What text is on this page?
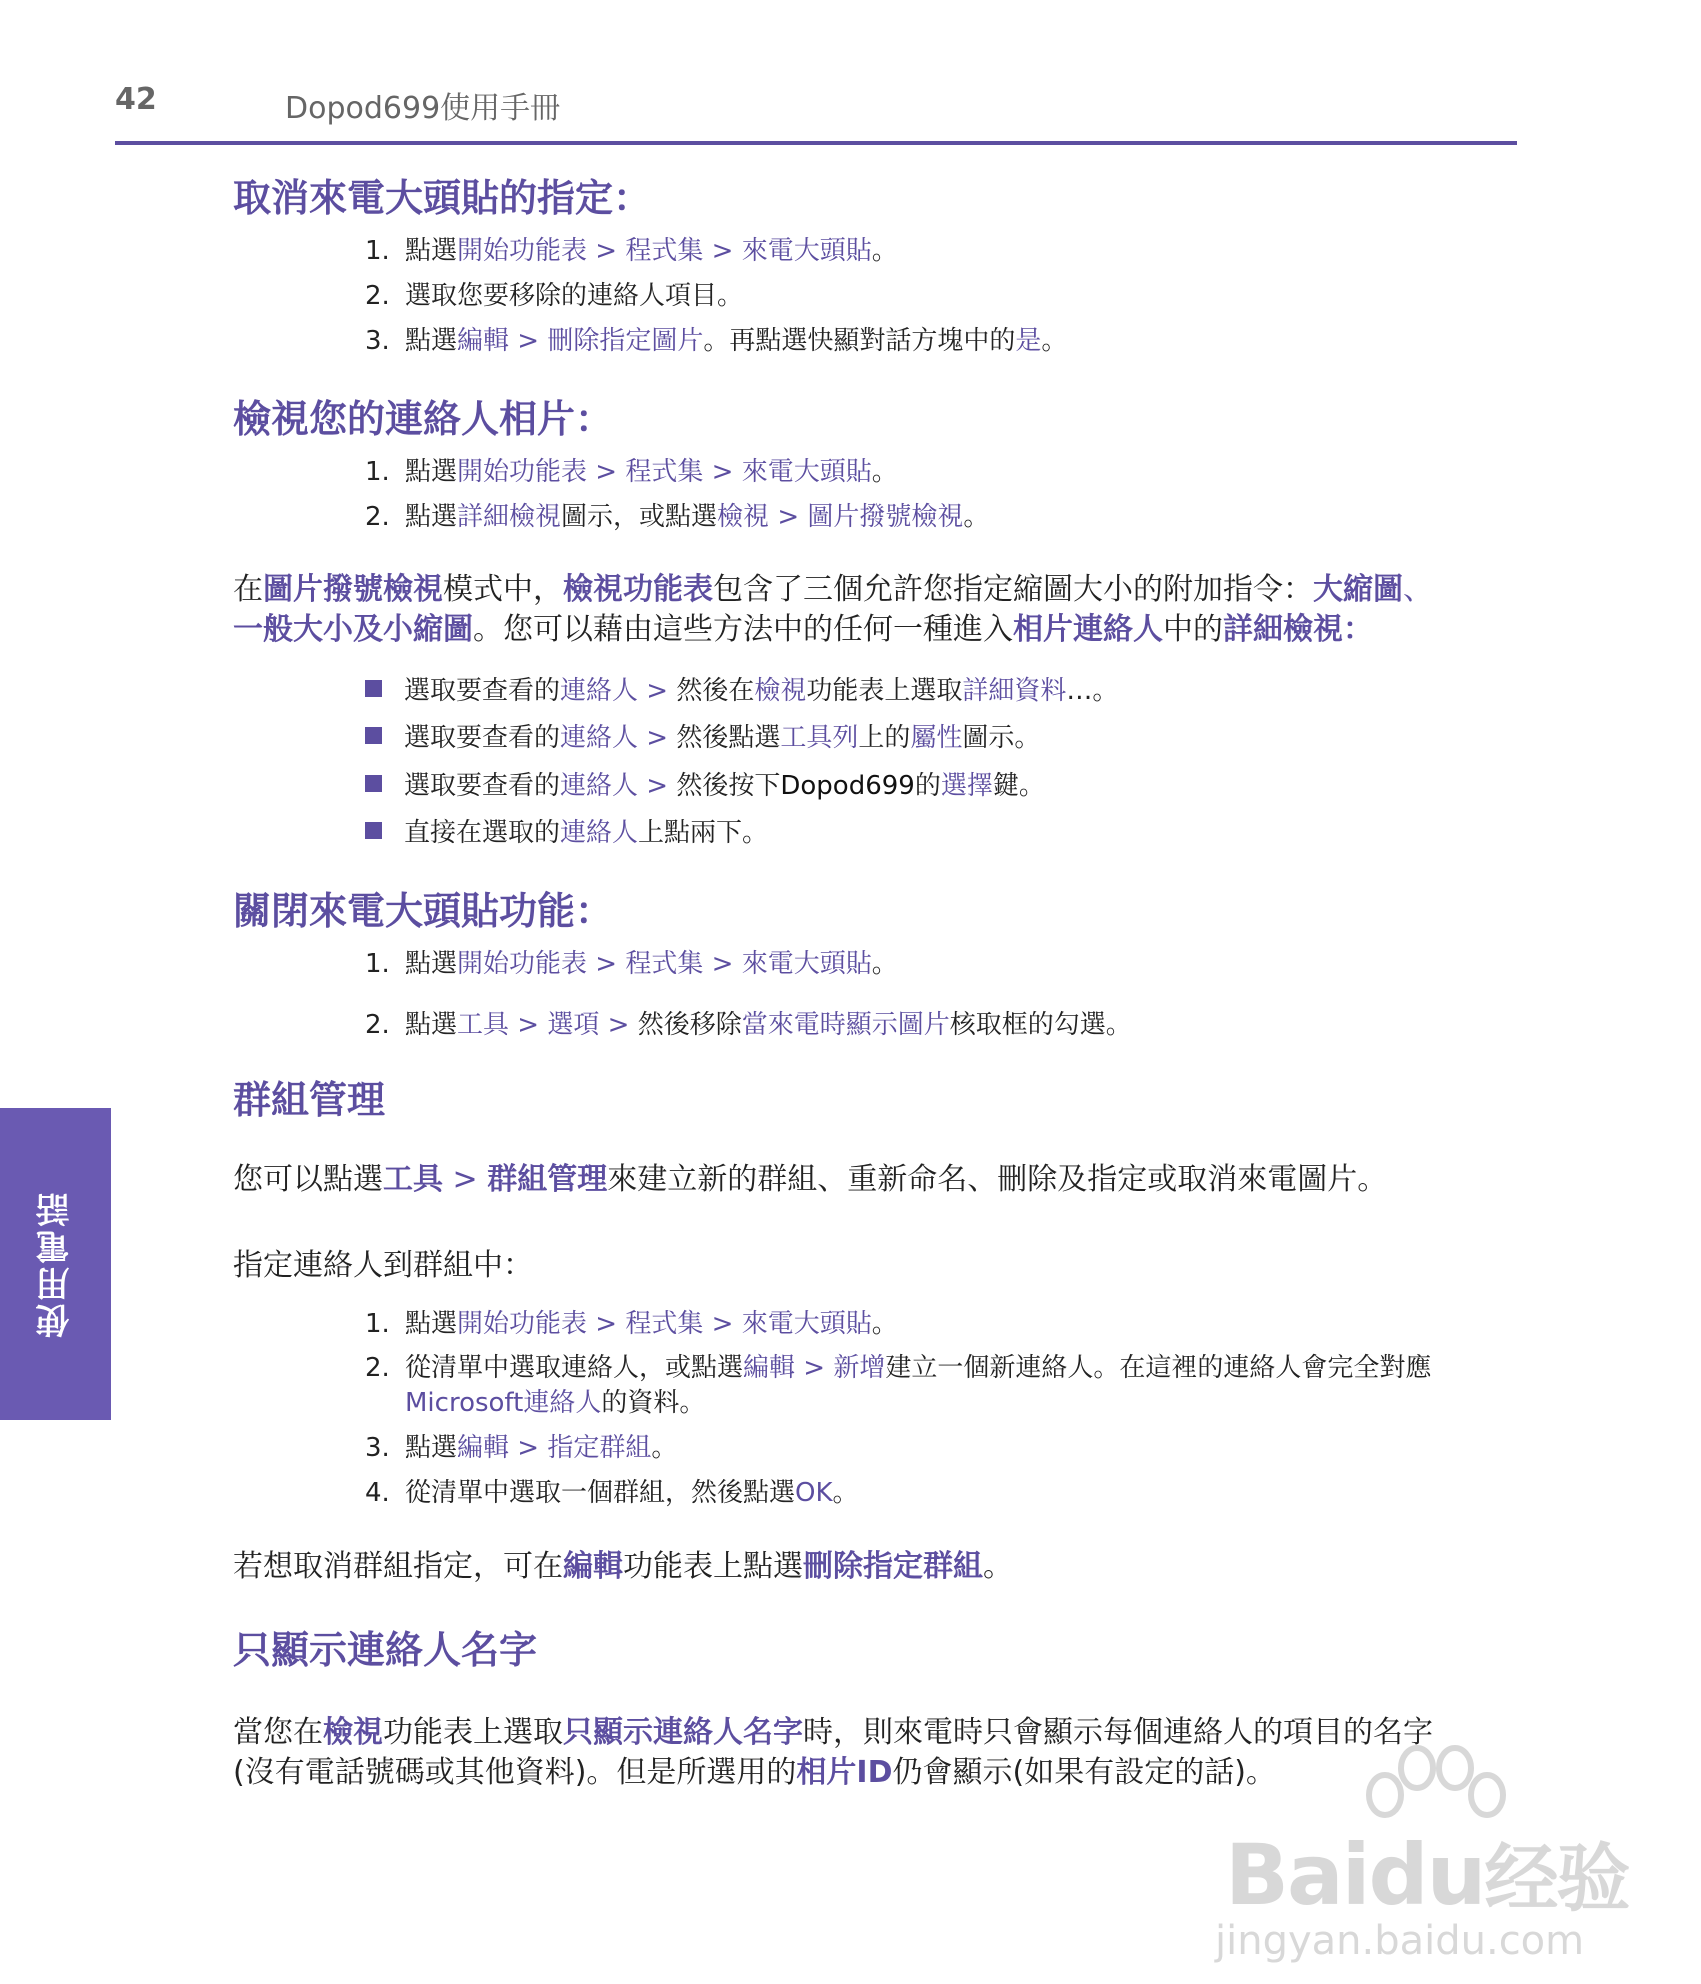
42	Dopod699使用手冊
取消來電大頭貼的指定：
1. 點選開始功能表 > 程式集 > 來電大頭貼。
2. 選取您要移除的連絡人項目。
3. 點選編輯 > 刪除指定圖片。再點選快顯對話方塊中的是。
檢視您的連絡人相片：
1. 點選開始功能表 > 程式集 > 來電大頭貼。
2. 點選詳細檢視圖示，或點選檢視 > 圖片撥號檢視。
在圖片撥號檢視模式中，檢視功能表包含了三個允許您指定縮圖大小的附加指令：大縮圖、
一般大小及小縮圖。您可以藉由這些方法中的任何一種進入相片連絡人中的詳細檢視：
選取要查看的連絡人 > 然後在檢視功能表上選取詳細資料…。
選取要查看的連絡人 > 然後點選工具列上的屬性圖示。
選取要查看的連絡人 > 然後按下Dopod699的選擇鍵。
直接在選取的連絡人上點兩下。
關閉來電大頭貼功能：
1. 點選開始功能表 > 程式集 > 來電大頭貼。
2. 點選工具 > 選項 > 然後移除當來電時顯示圖片核取框的勾選。
群組管理
您可以點選工具 > 群組管理來建立新的群組、重新命名、刪除及指定或取消來電圖片。
指定連絡人到群組中：
1. 點選開始功能表 > 程式集 > 來電大頭貼。
2. 從清單中選取連絡人，或點選編輯 > 新增建立一個新連絡人。在這裡的連絡人會完全對應
Microsoft連絡人的資料。
3. 點選編輯 > 指定群組。
4. 從清單中選取一個群組，然後點選OK。
若想取消群組指定，可在編輯功能表上點選刪除指定群組。
只顯示連絡人名字
當您在檢視功能表上選取只顯示連絡人名字時，則來電時只會顯示每個連絡人的項目的名字
(沒有電話號碼或其他資料)。但是所選用的相片ID仍會顯示(如果有設定的話)。
使用電話
Baidu经验
jingyan.baidu.com
